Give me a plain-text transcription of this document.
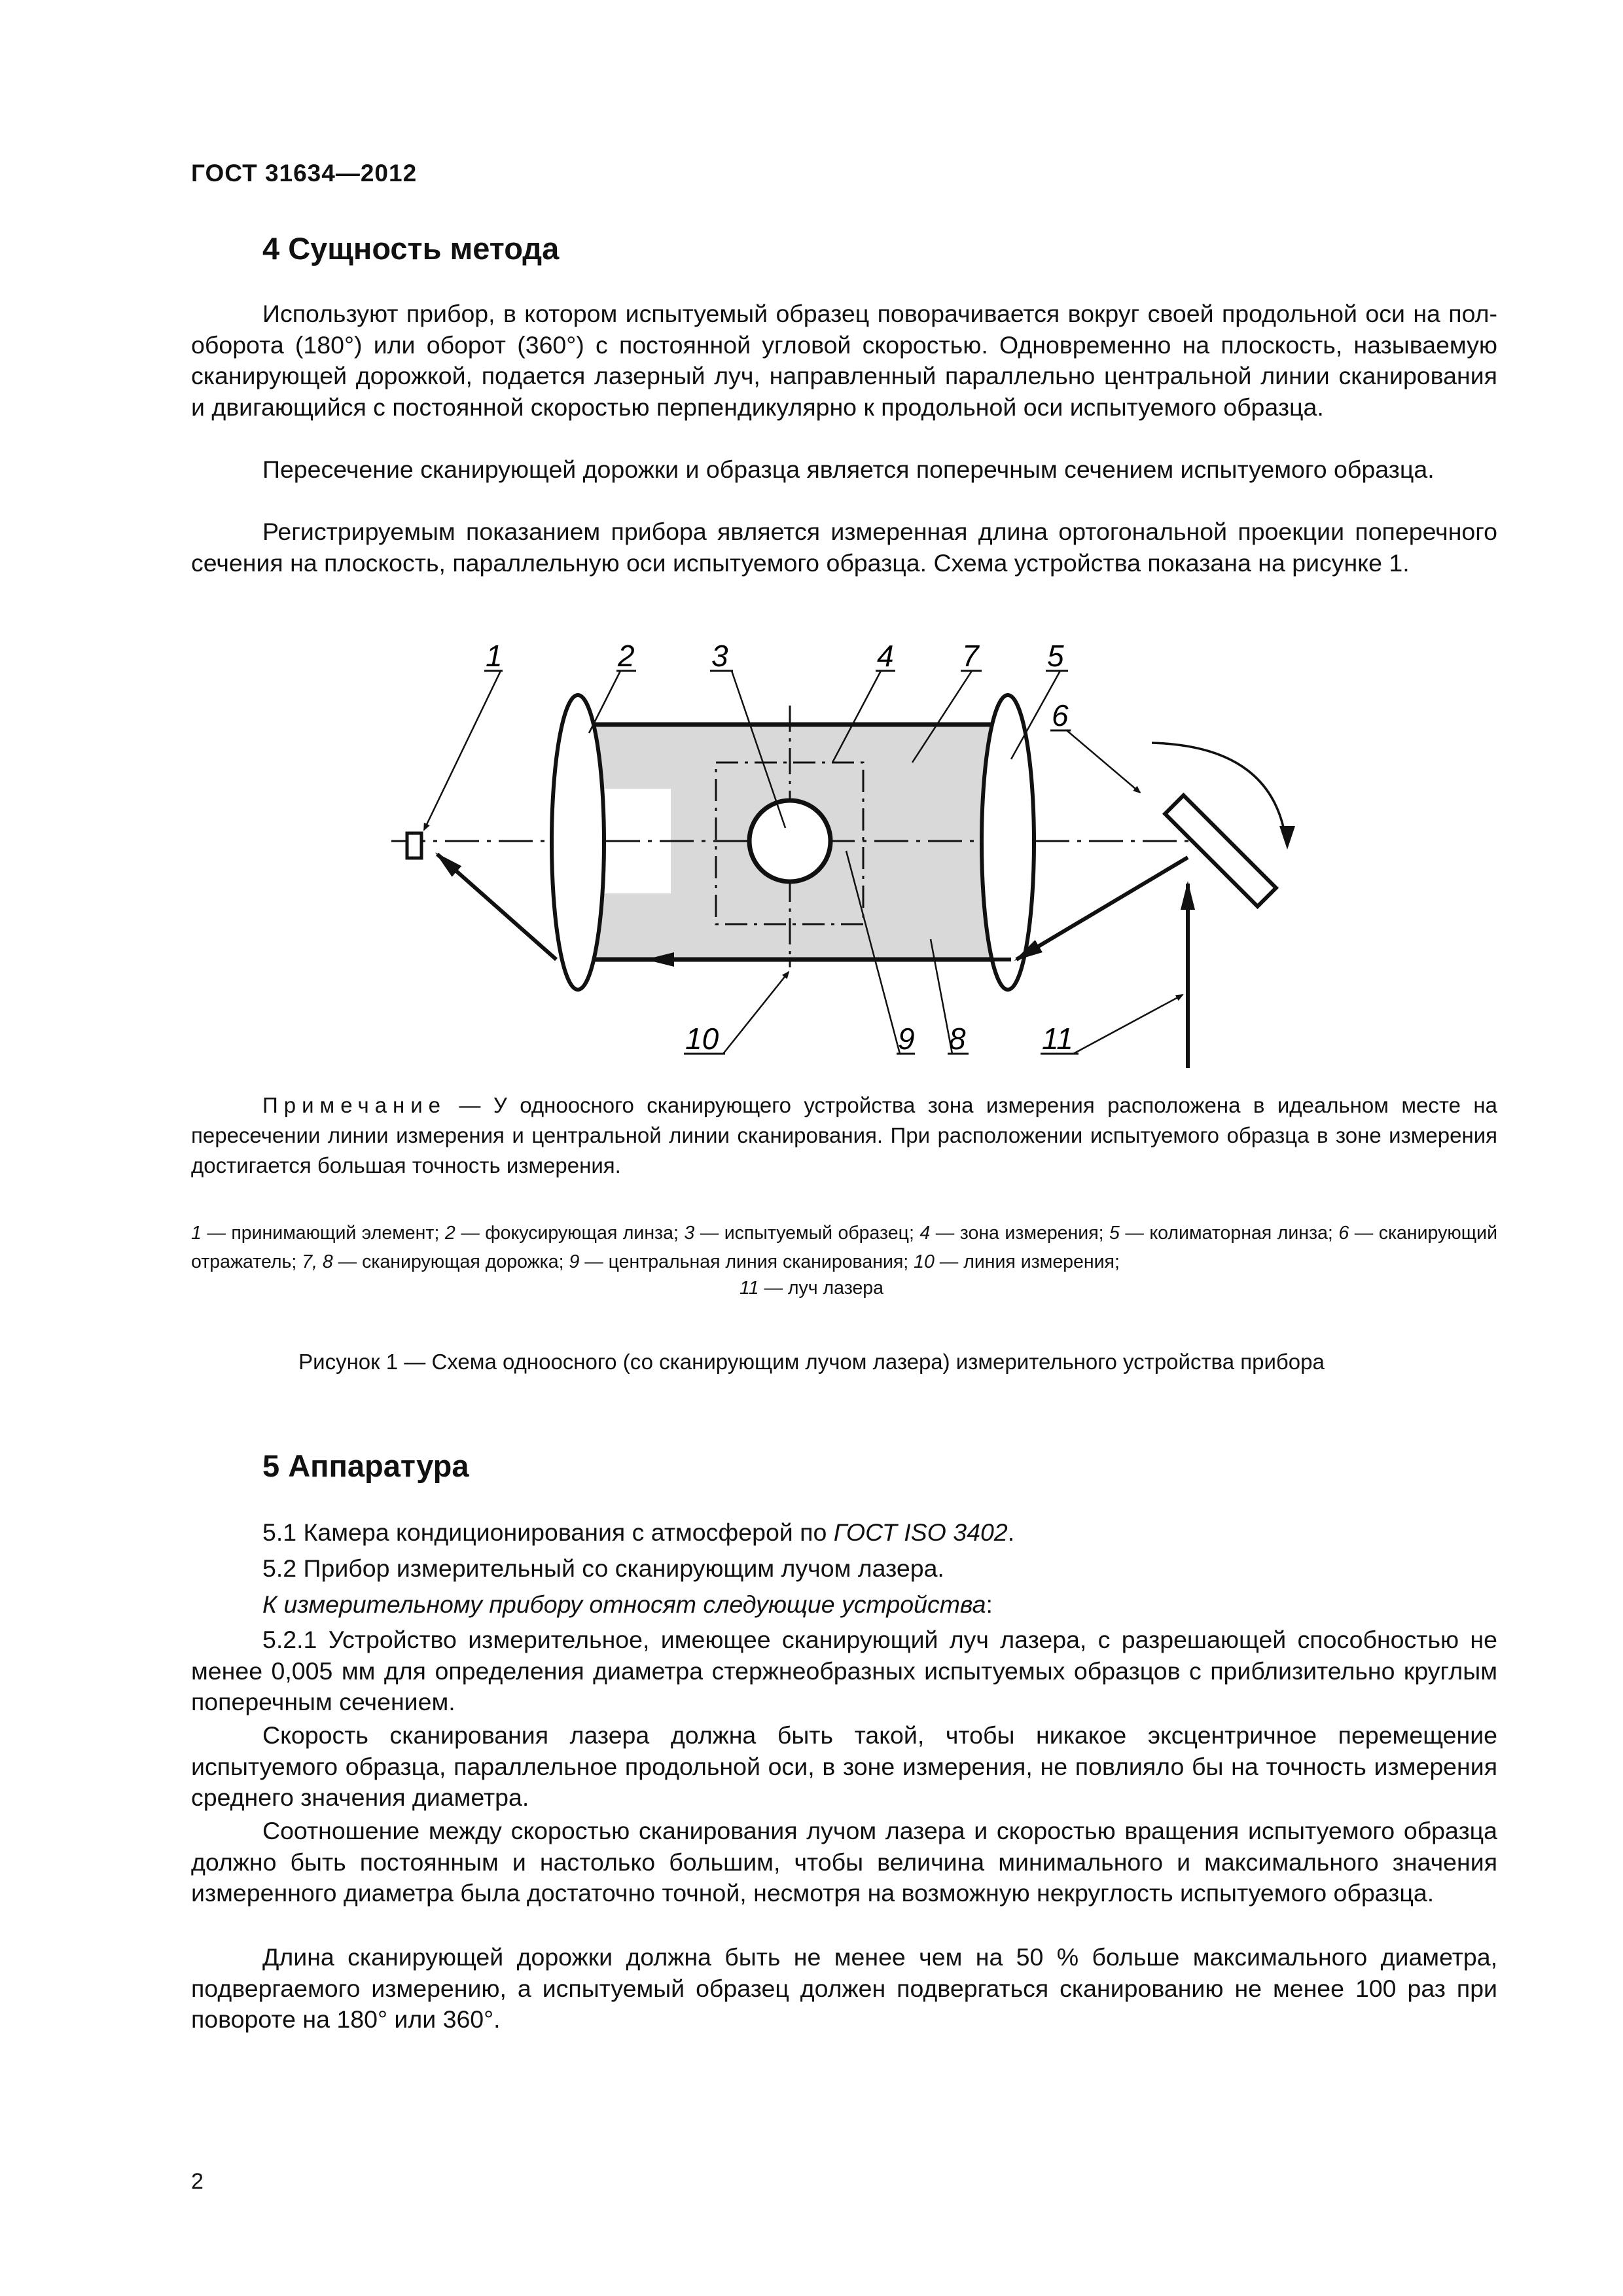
ГОСТ 31634—2012
4 Сущность метода

Используют прибор, в котором испытуемый образец поворачивается вокруг своей продольной оси на пол-оборота (180°) или оборот (360°) с постоянной угловой скоростью. Одновременно на плоскость, называемую сканирующей дорожкой, подается лазерный луч, направленный параллельно центральной линии сканирования и двигающийся с постоянной скоростью перпендикулярно к продольной оси испытуемого образца.

Пересечение сканирующей дорожки и образца является поперечным сечением испытуемого образца.

Регистрируемым показанием прибора является измеренная длина ортогональной проекции поперечного сечения на плоскость, параллельную оси испытуемого образца. Схема устройства показана на рисунке 1.

1	2	3	4 7 5
6
10	9 8	11

Примечание — У одноосного сканирующего устройства зона измерения расположена в идеальном месте на пересечении линии измерения и центральной линии сканирования. При расположении испытуемого образца в зоне измерения достигается большая точность измерения.

1 — принимающий элемент; 2 — фокусирующая линза; 3 — испытуемый образец; 4 — зона измерения; 5 — колиматорная линза; 6 — сканирующий отражатель; 7, 8 — сканирующая дорожка; 9 — центральная линия сканирования; 10 — линия измерения;

11 — луч лазера
Рисунок 1 — Схема одноосного (со сканирующим лучом лазера) измерительного устройства прибора
5 Аппаратура

5.1 Камера кондиционирования с атмосферой по ГОСТ ISO 3402.

5.2 Прибор измерительный со сканирующим лучом лазера.

К измерительному прибору относят следующие устройства:

5.2.1 Устройство измерительное, имеющее сканирующий луч лазера, с разрешающей способностью не менее 0,005 мм для определения диаметра стержнеобразных испытуемых образцов с приблизительно круглым поперечным сечением.

Скорость сканирования лазера должна быть такой, чтобы никакое эксцентричное перемещение испытуемого образца, параллельное продольной оси, в зоне измерения, не повлияло бы на точность измерения среднего значения диаметра.

Соотношение между скоростью сканирования лучом лазера и скоростью вращения испытуемого образца должно быть постоянным и настолько большим, чтобы величина минимального и максимального значения измеренного диаметра была достаточно точной, несмотря на возможную некруглость испытуемого образца.

Длина сканирующей дорожки должна быть не менее чем на 50 % больше максимального диаметра, подвергаемого измерению, а испытуемый образец должен подвергаться сканированию не менее 100 раз при повороте на 180° или 360°.

2
